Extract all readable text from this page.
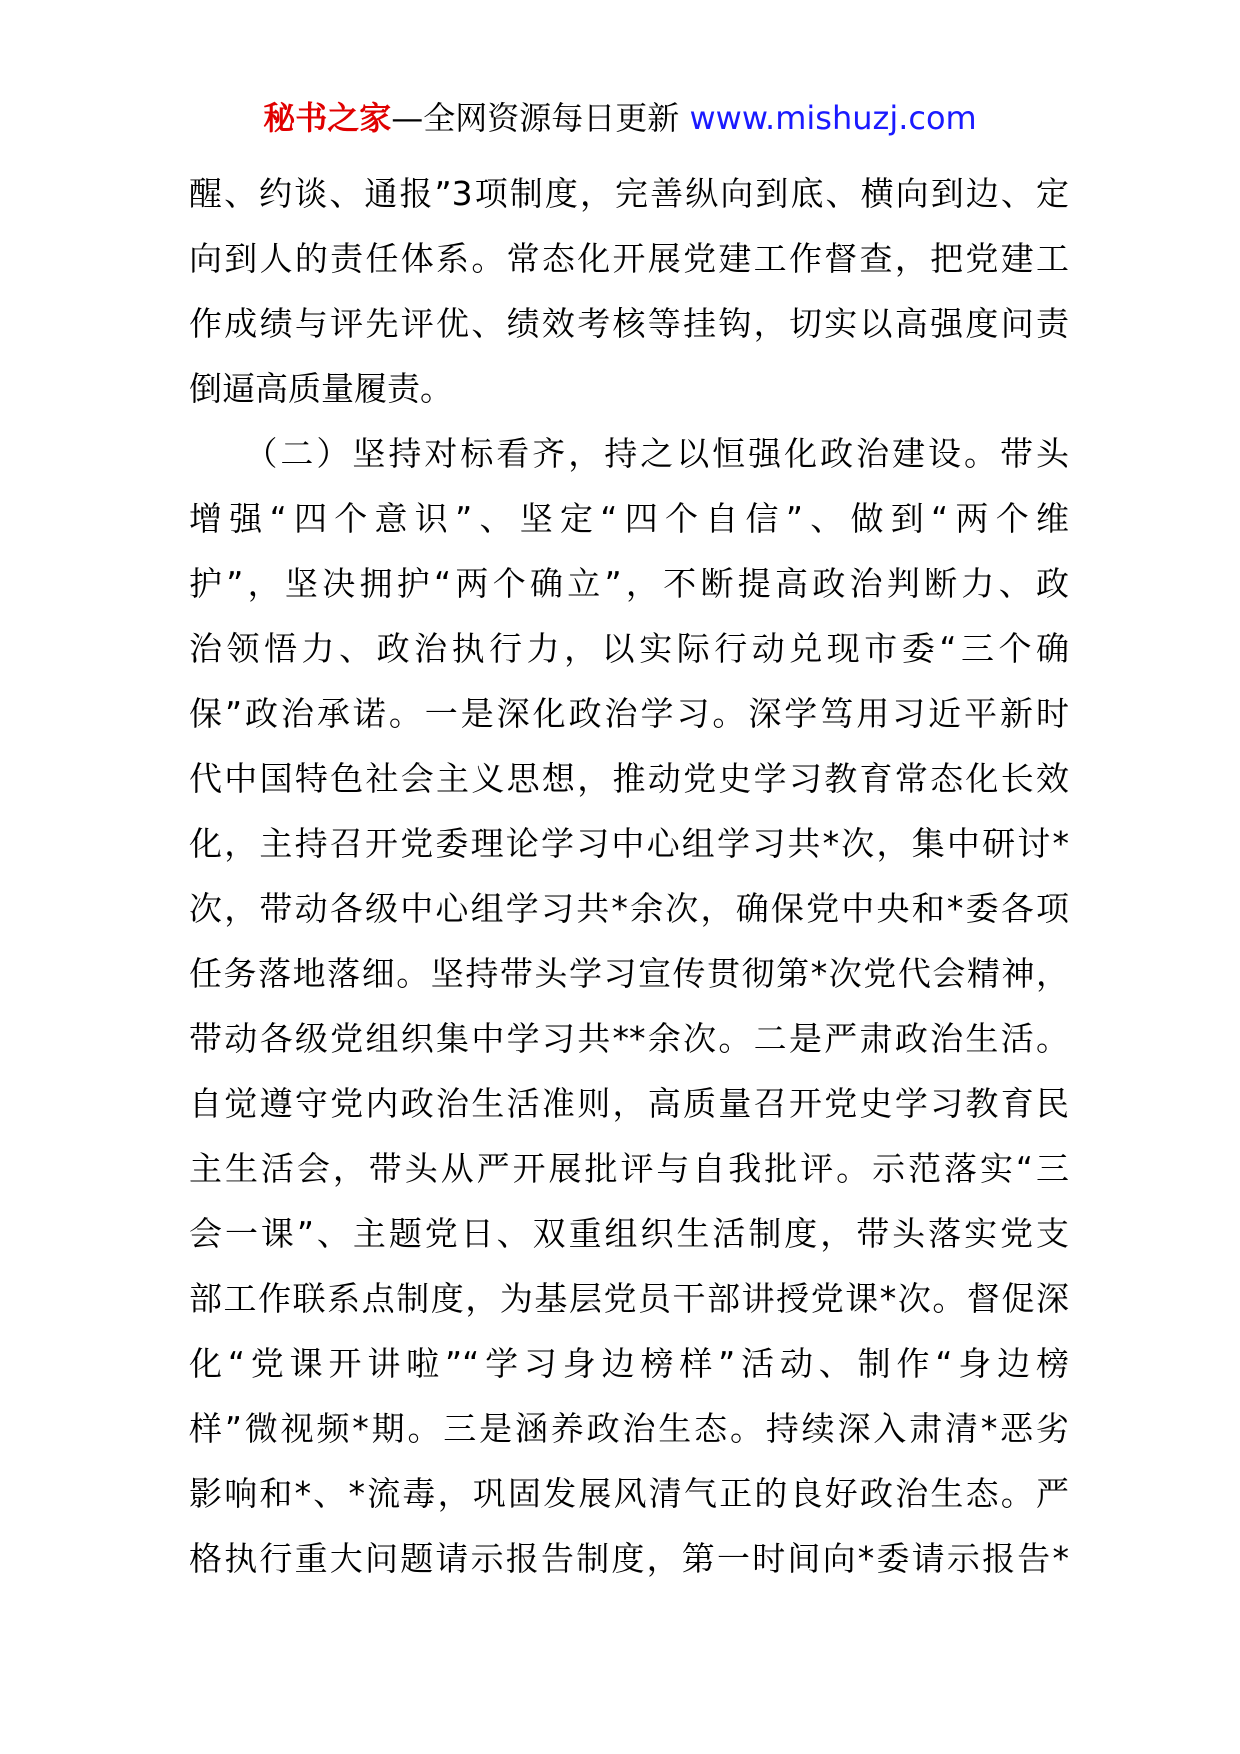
秘书之家—全网资源每日更新 www.mishuzj.com
醒、约谈、通报”3项制度，完善纵向到底、横向到边、定
向到人的责任体系。常态化开展党建工作督查，把党建工
作成绩与评先评优、绩效考核等挂钩，切实以高强度问责
倒逼高质量履责。
　　（二）坚持对标看齐，持之以恒强化政治建设。带头
增强“四个意识”、坚定“四个自信”、做到“两个维
护”，坚决拥护“两个确立”，不断提高政治判断力、政
治领悟力、政治执行力，以实际行动兑现市委“三个确
保”政治承诺。一是深化政治学习。深学笃用习近平新时
代中国特色社会主义思想，推动党史学习教育常态化长效
化，主持召开党委理论学习中心组学习共*次，集中研讨*
次，带动各级中心组学习共*余次，确保党中央和*委各项
任务落地落细。坚持带头学习宣传贯彻第*次党代会精神，
带动各级党组织集中学习共**余次。二是严肃政治生活。
自觉遵守党内政治生活准则，高质量召开党史学习教育民
主生活会，带头从严开展批评与自我批评。示范落实“三
会一课”、主题党日、双重组织生活制度，带头落实党支
部工作联系点制度，为基层党员干部讲授党课*次。督促深
化“党课开讲啦”“学习身边榜样”活动、制作“身边榜
样”微视频*期。三是涵养政治生态。持续深入肃清*恶劣
影响和*、*流毒，巩固发展风清气正的良好政治生态。严
格执行重大问题请示报告制度，第一时间向*委请示报告*
